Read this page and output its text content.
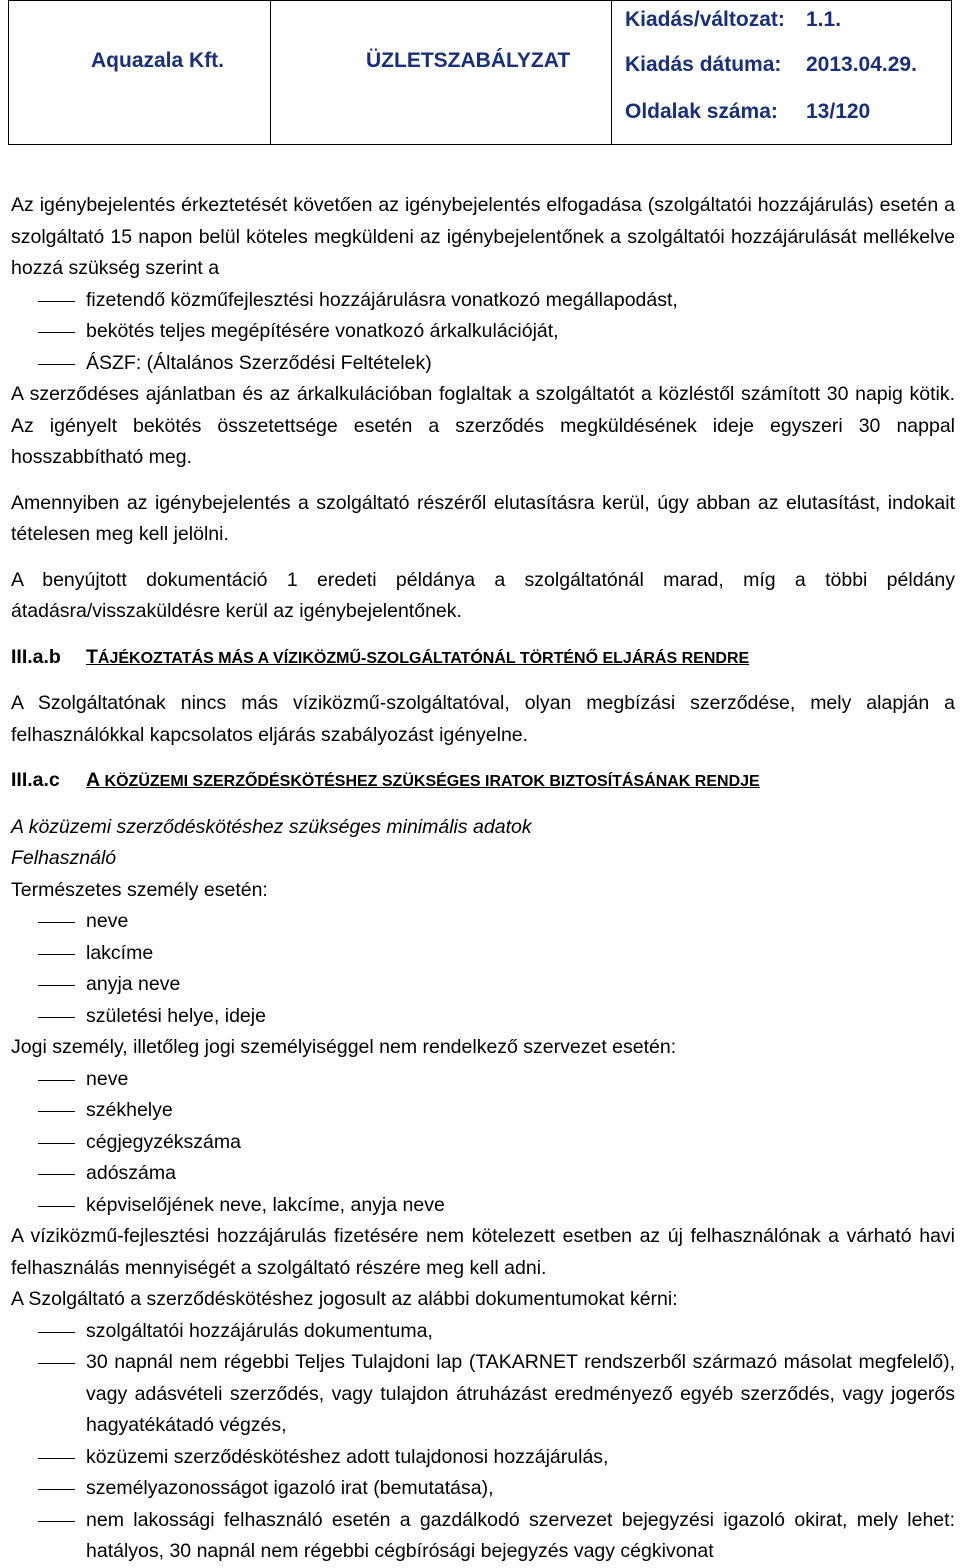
Aquazala Kft.	ÜZLETSZABÁLYZAT
Kiadás/változat: 1.1.
Kiadás dátuma: 2013.04.29.
Oldalak száma: 13/120

Az igénybejelentés érkeztetését követően az igénybejelentés elfogadása (szolgáltatói hozzájárulás) esetén a szolgáltató 15 napon belül köteles megküldeni az igénybejelentőnek a szolgáltatói hozzájárulását mellékelve hozzá szükség szerint a

fizetendő közműfejlesztési hozzájárulásra vonatkozó megállapodást,
bekötés teljes megépítésére vonatkozó árkalkulációját,
ÁSZF: (Általános Szerződési Feltételek)

A szerződéses ajánlatban és az árkalkulációban foglaltak a szolgáltatót a közléstől számított 30 napig kötik. Az igényelt bekötés összetettsége esetén a szerződés megküldésének ideje egyszeri 30 nappal hosszabbítható meg.

Amennyiben az igénybejelentés a szolgáltató részéről elutasításra kerül, úgy abban az elutasítást, indokait tételesen meg kell jelölni.

A benyújtott dokumentáció 1 eredeti példánya a szolgáltatónál marad, míg a többi példány átadásra/visszaküldésre kerül az igénybejelentőnek.

III.a.b TÁJÉKOZTATÁS MÁS A VÍZIKÖZMŰ-SZOLGÁLTATÓNÁL TÖRTÉNŐ ELJÁRÁS RENDRE

A Szolgáltatónak nincs más víziközmű-szolgáltatóval, olyan megbízási szerződése, mely alapján a felhasználókkal kapcsolatos eljárás szabályozást igényelne.

III.a.c A KÖZÜZEMI SZERZŐDÉSKÖTÉSHEZ SZÜKSÉGES IRATOK BIZTOSÍTÁSÁNAK RENDJE

A közüzemi szerződéskötéshez szükséges minimális adatok

Felhasználó

Természetes személy esetén:

neve
lakcíme
anyja neve
születési helye, ideje

Jogi személy, illetőleg jogi személyiséggel nem rendelkező szervezet esetén:

neve
székhelye
cégjegyzékszáma
adószáma
képviselőjének neve, lakcíme, anyja neve

A víziközmű-fejlesztési hozzájárulás fizetésére nem kötelezett esetben az új felhasználónak a várható havi felhasználás mennyiségét a szolgáltató részére meg kell adni.

A Szolgáltató a szerződéskötéshez jogosult az alábbi dokumentumokat kérni:

szolgáltatói hozzájárulás dokumentuma,
30 napnál nem régebbi Teljes Tulajdoni lap (TAKARNET rendszerből származó másolat megfelelő), vagy adásvételi szerződés, vagy tulajdon átruházást eredményező egyéb szerződés, vagy jogerős hagyatékátadó végzés,
közüzemi szerződéskötéshez adott tulajdonosi hozzájárulás,
személyazonosságot igazoló irat (bemutatása),
nem lakossági felhasználó esetén a gazdálkodó szervezet bejegyzési igazoló okirat, mely lehet: hatályos, 30 napnál nem régebbi cégbírósági bejegyzés vagy cégkivonat
